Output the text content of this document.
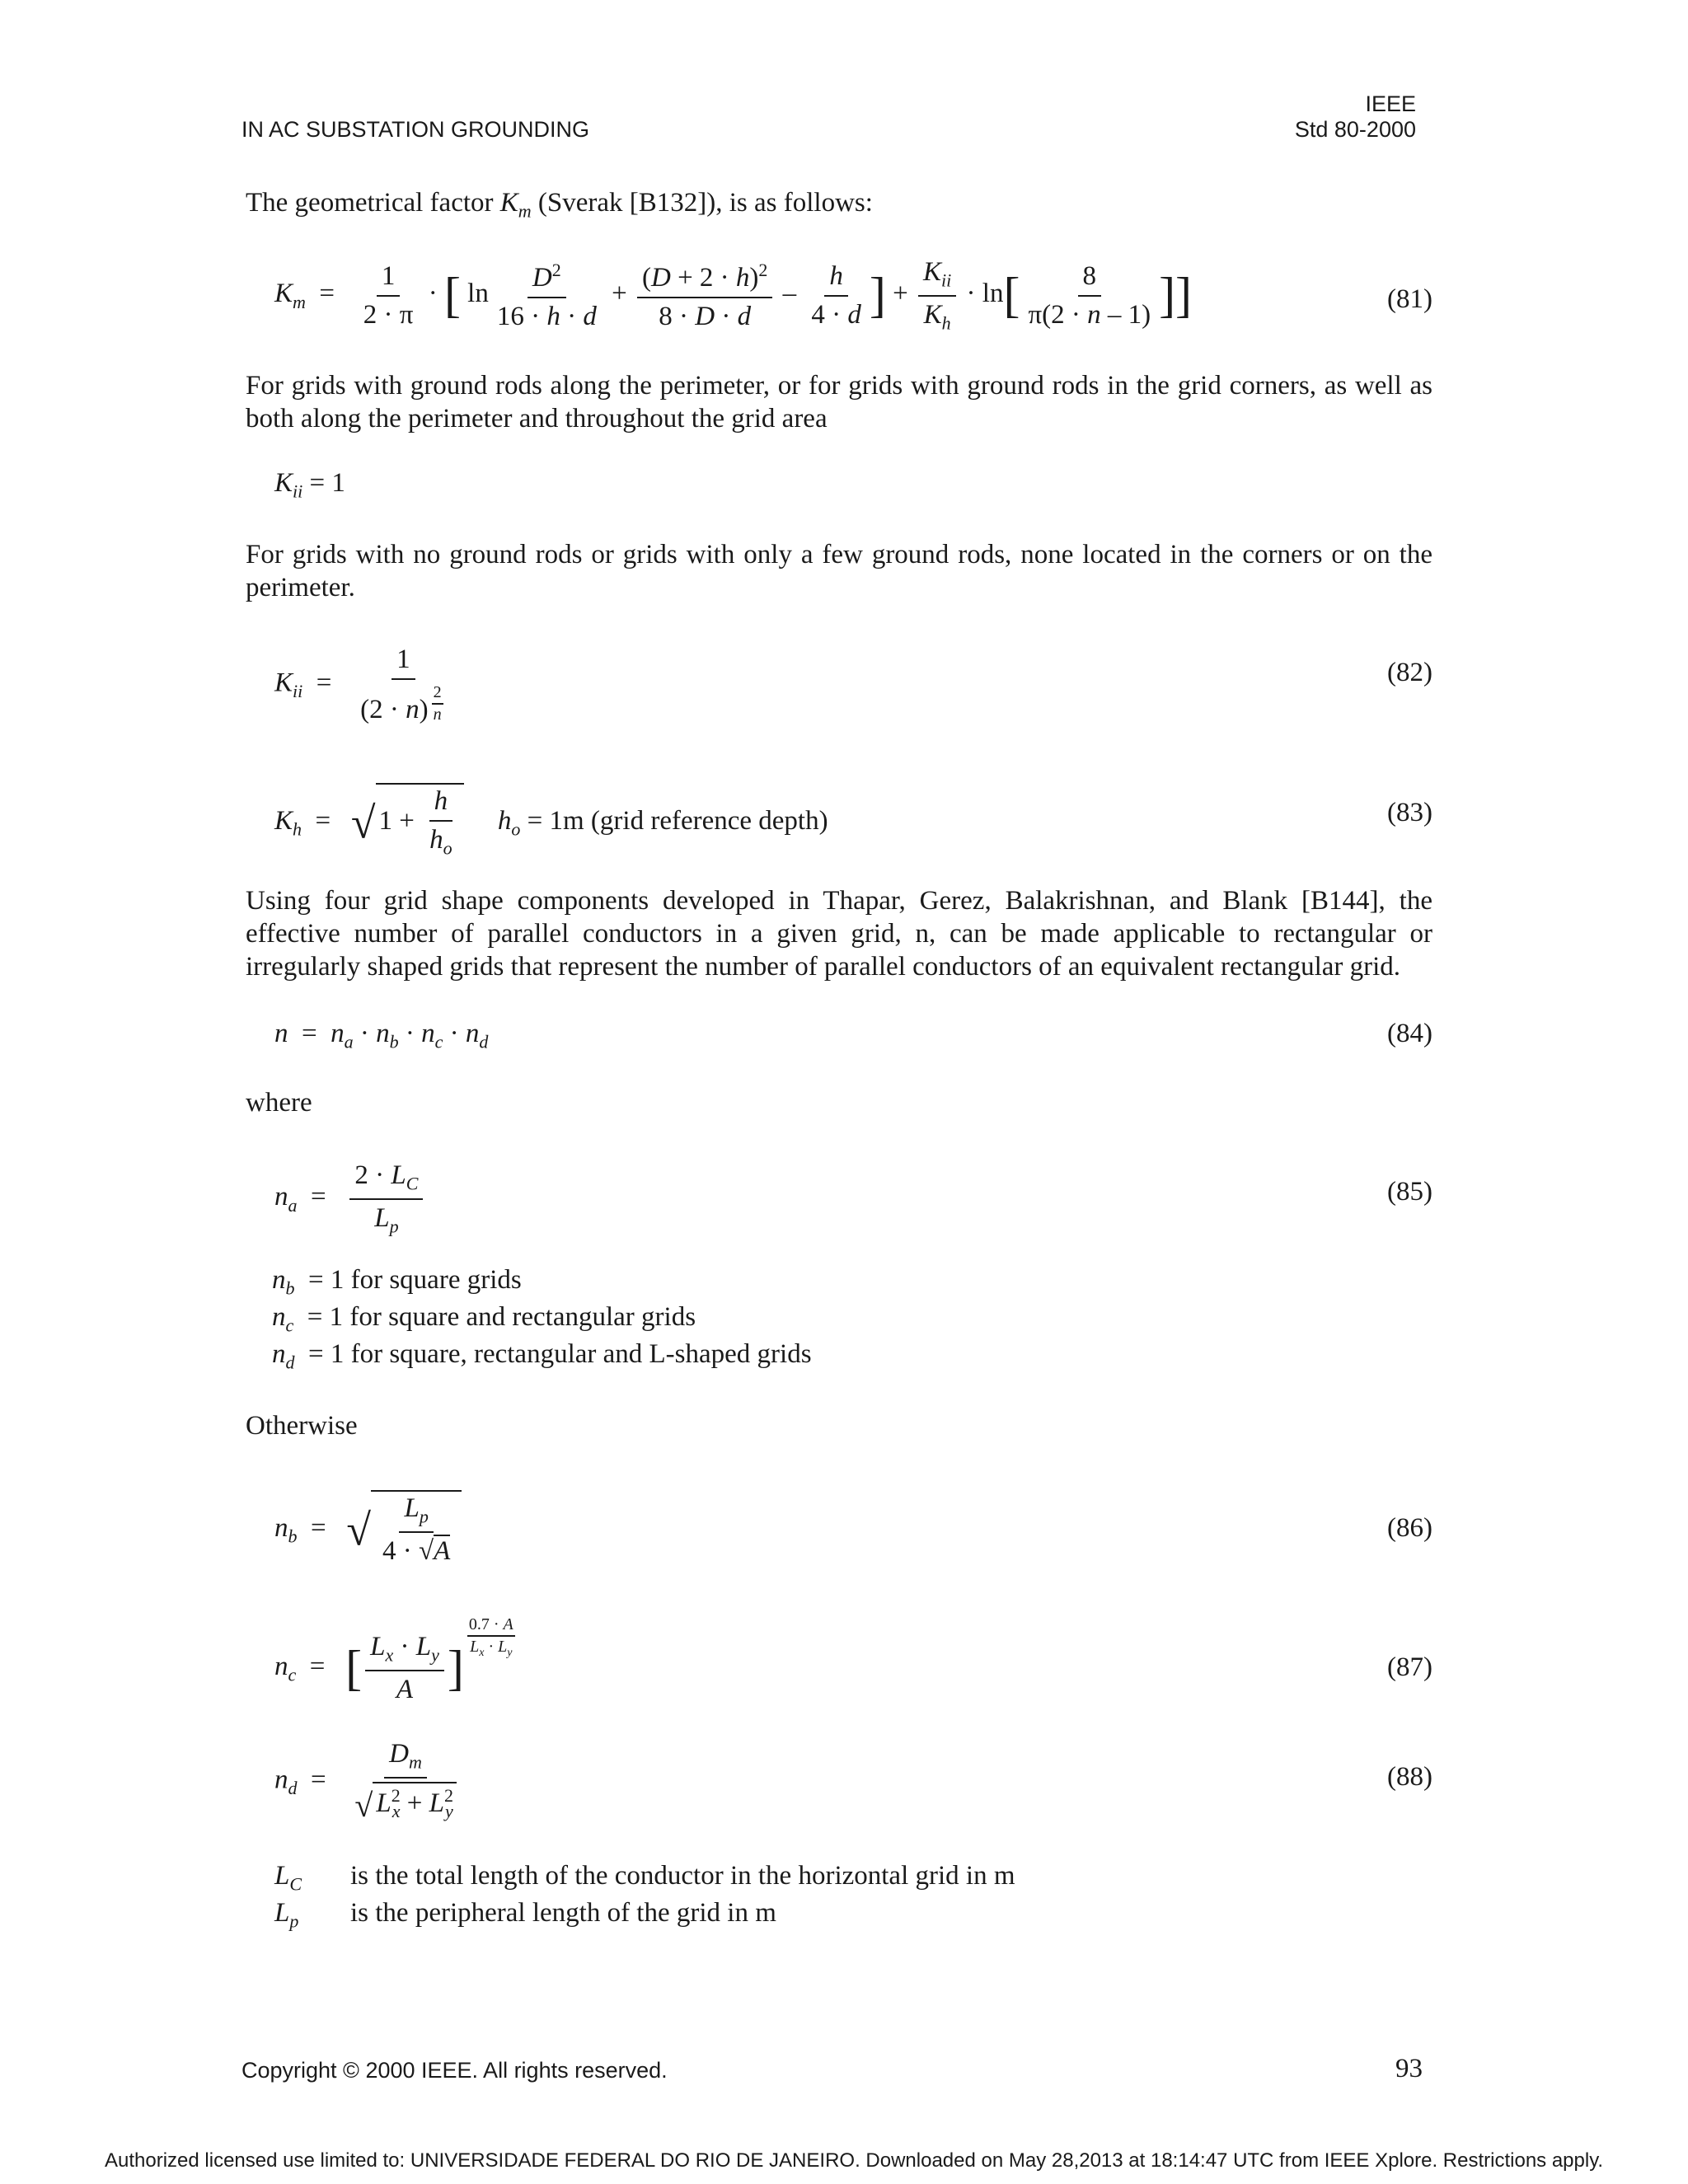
IN AC SUBSTATION GROUNDING
IEEE
Std 80-2000
The geometrical factor $K_m$ (Sverak [B132]), is as follows:
$K_m = \frac{1}{2 \cdot \pi}$ · [ $\ln \frac{D^2}{16 \cdot h \cdot d} + \frac{(D + 2 \cdot h)^2}{8 \cdot D \cdot d} - \frac{h}{4 \cdot d}$ ] + $\frac{K_{ii}}{K_h} \cdot \ln[ \frac{8}{\pi(2 \cdot n - 1)}$ ]]	(81)
For grids with ground rods along the perimeter, or for grids with ground rods in the grid corners, as well as both along the perimeter and throughout the grid area
$K_{ii} = 1$
For grids with no ground rods or grids with only a few ground rods, none located in the corners or on the perimeter.
$K_{ii} = 1$
(2 · n) $^{\frac{2}{n}}$	(82)
$K_h$  =   √ $1 + \frac{h}{h_o} h_o = 1m$ (grid reference depth)	(83)
Using four grid shape components developed in Thapar, Gerez, Balakrishnan, and Blank [B144], the effective number of parallel conductors in a given grid, n, can be made applicable to rectangular or irregularly shaped grids that represent the number of parallel conductors of an equivalent rectangular grid.
$n = n_a \cdot n_b \cdot n_c \cdot n_d$	(84)
where
$n_a = \frac{2 \cdot L_C}{L_p}$	(85)
$n_b = 1$ for square grids
$n_c = 1$ for square and rectangular grids
$n_d = 1$ for square, rectangular and L-shaped grids
Otherwise
$n_b$  =   √ $\frac{L_p}{4 \cdot √A}$	(86)
$n_c$  =   [ $\frac{L_x \cdot L_y}{A}$ ]
$^{\frac{0.7 \cdot A}{L_x \cdot L_y}}$
(87)
$n_d = \frac{D_m}{√ L^2_x + L^2_y}$	(88)
$L_C$ is the total length of the conductor in the horizontal grid in m
$L_p$ is the peripheral length of the grid in m
Copyright © 2000 IEEE. All rights reserved.	93
Authorized licensed use limited to: UNIVERSIDADE FEDERAL DO RIO DE JANEIRO. Downloaded on May 28,2013 at 18:14:47 UTC from IEEE Xplore. Restrictions apply.
